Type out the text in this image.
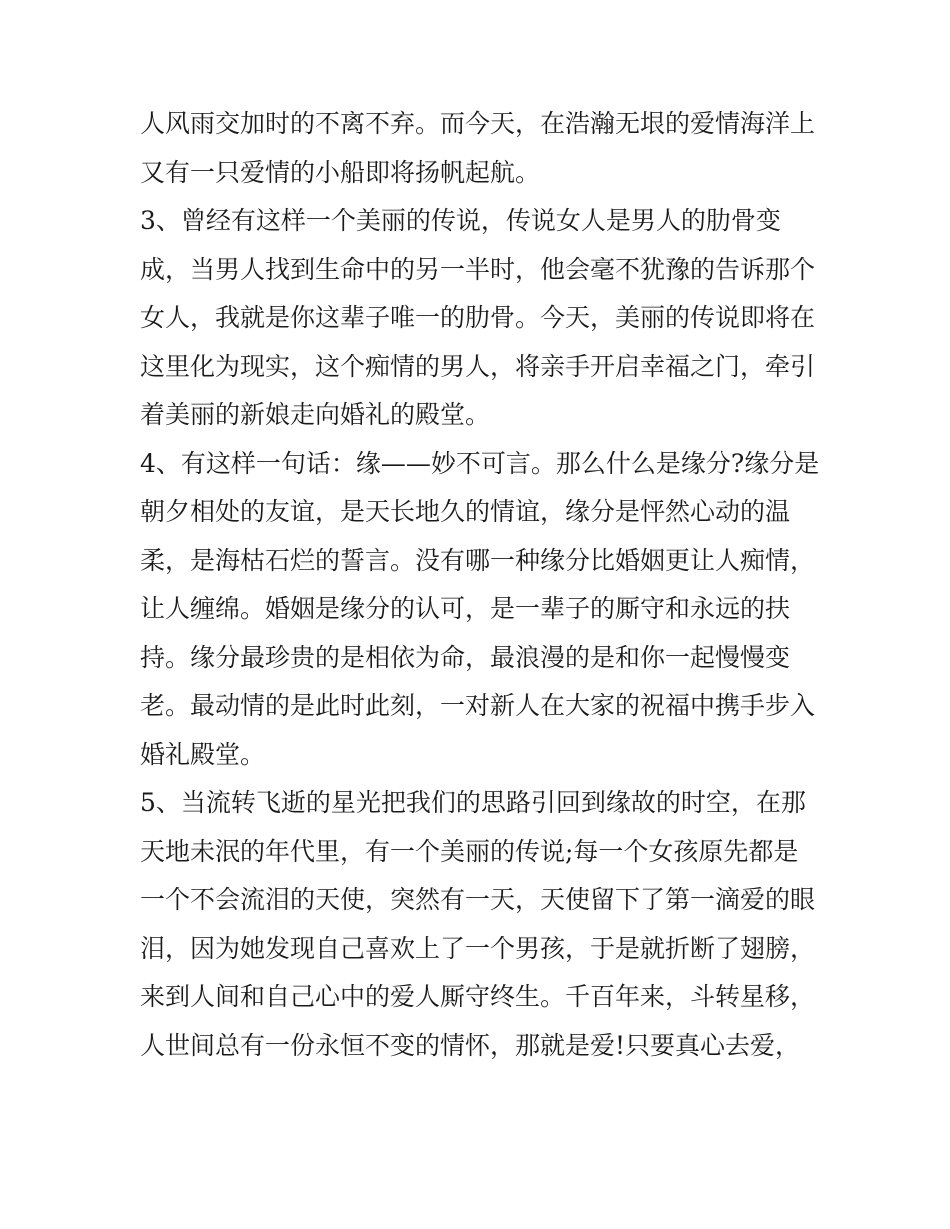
人风雨交加时的不离不弃。而今天，在浩瀚无垠的爱情海洋上
又有一只爱情的小船即将扬帆起航。
3、曾经有这样一个美丽的传说，传说女人是男人的肋骨变
成，当男人找到生命中的另一半时，他会毫不犹豫的告诉那个
女人，我就是你这辈子唯一的肋骨。今天，美丽的传说即将在
这里化为现实，这个痴情的男人，将亲手开启幸福之门，牵引
着美丽的新娘走向婚礼的殿堂。
4、有这样一句话：缘——妙不可言。那么什么是缘分?缘分是
朝夕相处的友谊，是天长地久的情谊，缘分是怦然心动的温
柔，是海枯石烂的誓言。没有哪一种缘分比婚姻更让人痴情，
让人缠绵。婚姻是缘分的认可，是一辈子的厮守和永远的扶
持。缘分最珍贵的是相依为命，最浪漫的是和你一起慢慢变
老。最动情的是此时此刻，一对新人在大家的祝福中携手步入
婚礼殿堂。
5、当流转飞逝的星光把我们的思路引回到缘故的时空，在那
天地未泯的年代里，有一个美丽的传说;每一个女孩原先都是
一个不会流泪的天使，突然有一天，天使留下了第一滴爱的眼
泪，因为她发现自己喜欢上了一个男孩，于是就折断了翅膀，
来到人间和自己心中的爱人厮守终生。千百年来，斗转星移，
人世间总有一份永恒不变的情怀，那就是爱!只要真心去爱，
